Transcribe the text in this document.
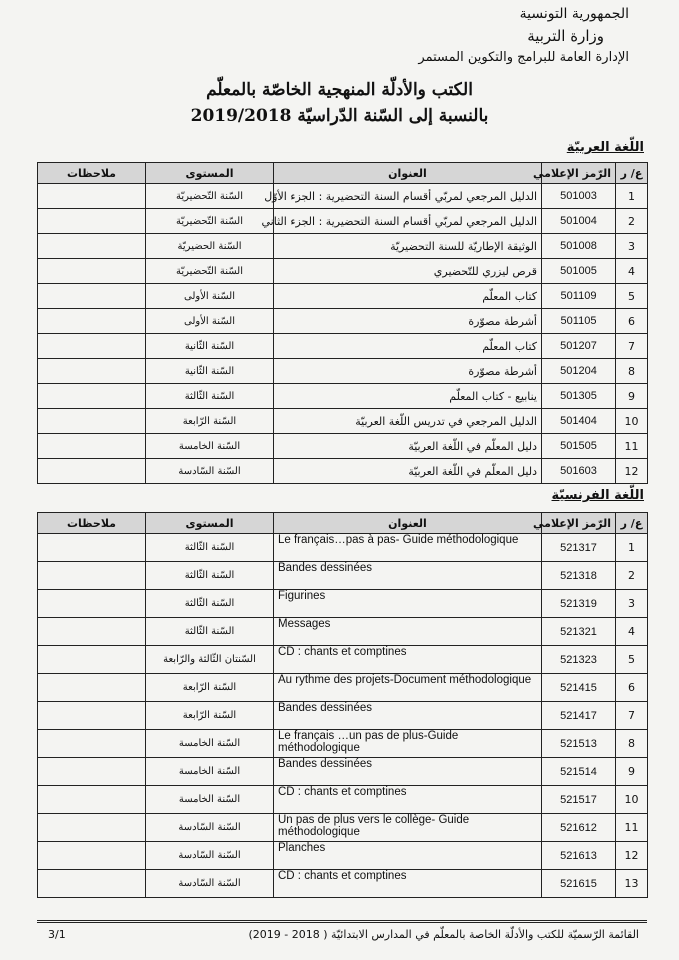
الجمهورية التونسية
وزارة التربية
الإدارة العامة للبرامج والتكوين المستمر
الكتب والأدلّة المنهجية الخاصّة بالمعلّم
بالنسبة إلى السّنة الدّراسيّة 2019/2018
اللّغة العربيّة
ع/ ر	الرّمز الإعلامي	العنوان	المستوى	ملاحظات
1	501003	الدليل المرجعي لمربّي أقسام السنة التحضيرية : الجزء الأوّل	السّنة التّحضيريّة	
2	501004	الدليل المرجعي لمربّي أقسام السنة التحضيرية : الجزء الثاني	السّنة التّحضيريّة	
3	501008	الوثيقة الإطاريّة للسنة التحضيريّة	السّنة الحضيريّة	
4	501005	قرص ليزري للتّحضيري	السّنة التّحضيريّة	
5	501109	كتاب المعلّم	السّنة الأولى	
6	501105	أشرطة مصوّرة	السّنة الأولى	
7	501207	كتاب المعلّم	السّنة الثّانية	
8	501204	أشرطة مصوّرة	السّنة الثّانية	
9	501305	ينابيع - كتاب المعلّم	السّنة الثّالثة	
10	501404	الدليل المرجعي في تدريس اللّغة العربيّة	السّنة الرّابعة	
11	501505	دليل المعلّم في اللّغة العربيّة	السّنة الخامسة	
12	501603	دليل المعلّم في اللّغة العربيّة	السّنة السّادسة	
اللّغة الفرنسيّة
ع/ ر	الرّمز الإعلامي	العنوان	المستوى	ملاحظات
1	521317	Le français…pas à pas- Guide méthodologique	السّنة الثّالثة	
2	521318	Bandes dessinées	السّنة الثّالثة	
3	521319	Figurines	السّنة الثّالثة	
4	521321	Messages	السّنة الثّالثة	
5	521323	CD : chants et comptines	السّنتان الثّالثة والرّابعة	
6	521415	Au rythme des projets-Document méthodologique	السّنة الرّابعة	
7	521417	Bandes dessinées	السّنة الرّابعة	
8	521513	Le français …un pas de plus-Guide méthodologique	السّنة الخامسة	
9	521514	Bandes dessinées	السّنة الخامسة	
10	521517	CD : chants et comptines	السّنة الخامسة	
11	521612	Un pas de plus vers le collège- Guide méthodologique	السّنة السّادسة	
12	521613	Planches	السّنة السّادسة	
13	521615	CD : chants et comptines	السّنة السّادسة	
القائمة الرّسميّة للكتب والأدلّة الخاصة بالمعلّم في المدارس الابتدائيّة ( 2018 - 2019)
3/1
